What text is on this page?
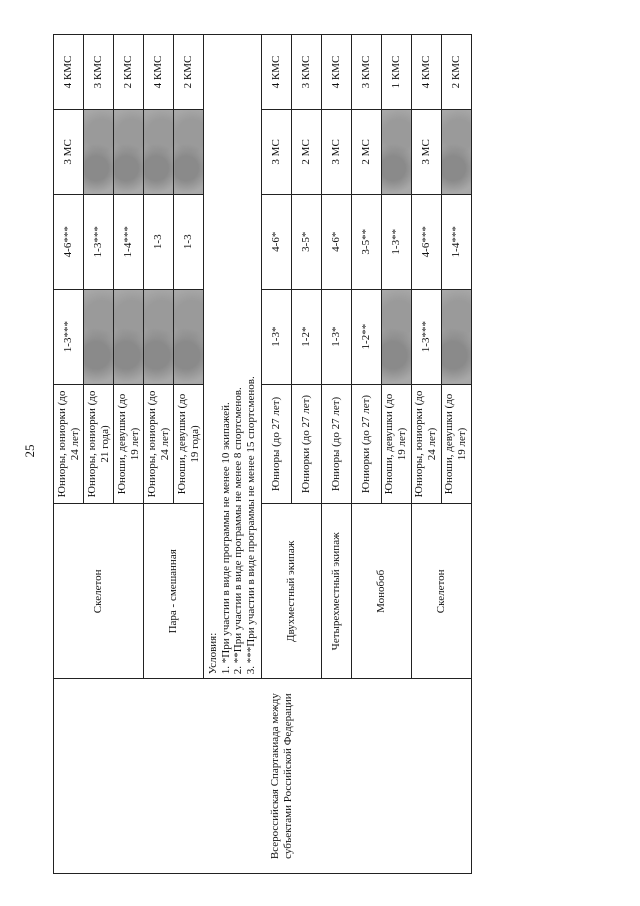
25
	Скелетон	Юниоры, юниорки (до 24 лет)	1-3***	4-6***	3 МС	4 КМС
		Юниоры, юниорки (до 21 года)		1-3***		3 КМС
		Юноши, девушки (до 19 лет)		1-4***		2 КМС
	Пара - смешанная	Юниоры, юниорки (до 24 лет)		1-3		4 КМС
		Юноши, девушки (до 19 года)		1-3		2 КМС

	Условия: 1. *При участии в виде программы не менее 10 экипажей. 2. **При участии в виде программы не менее 8 спортсменов. 3. ***При участии в виде программы не менее 15 спортсменов.					

Всероссийская Спартакиада между субъектами Российской Федерации	Двухместный экипаж	Юниоры (до 27 лет)	1-3*	4-6*	3 МС	4 КМС
		Юниорки (до 27 лет)	1-2*	3-5*	2 МС	3 КМС
	Четырехместный экипаж	Юниоры (до 27 лет)	1-3*	4-6*	3 МС	4 КМС
	Монобоб	Юниорки (до 27 лет)	1-2**	3-5**	2 МС	3 КМС
		Юноши, девушки (до 19 лет)		1-3**		1 КМС
	Скелетон	Юниоры, юниорки (до 24 лет)	1-3***	4-6***	3 МС	4 КМС
		Юноши, девушки (до 19 лет)		1-4***		2 КМС
